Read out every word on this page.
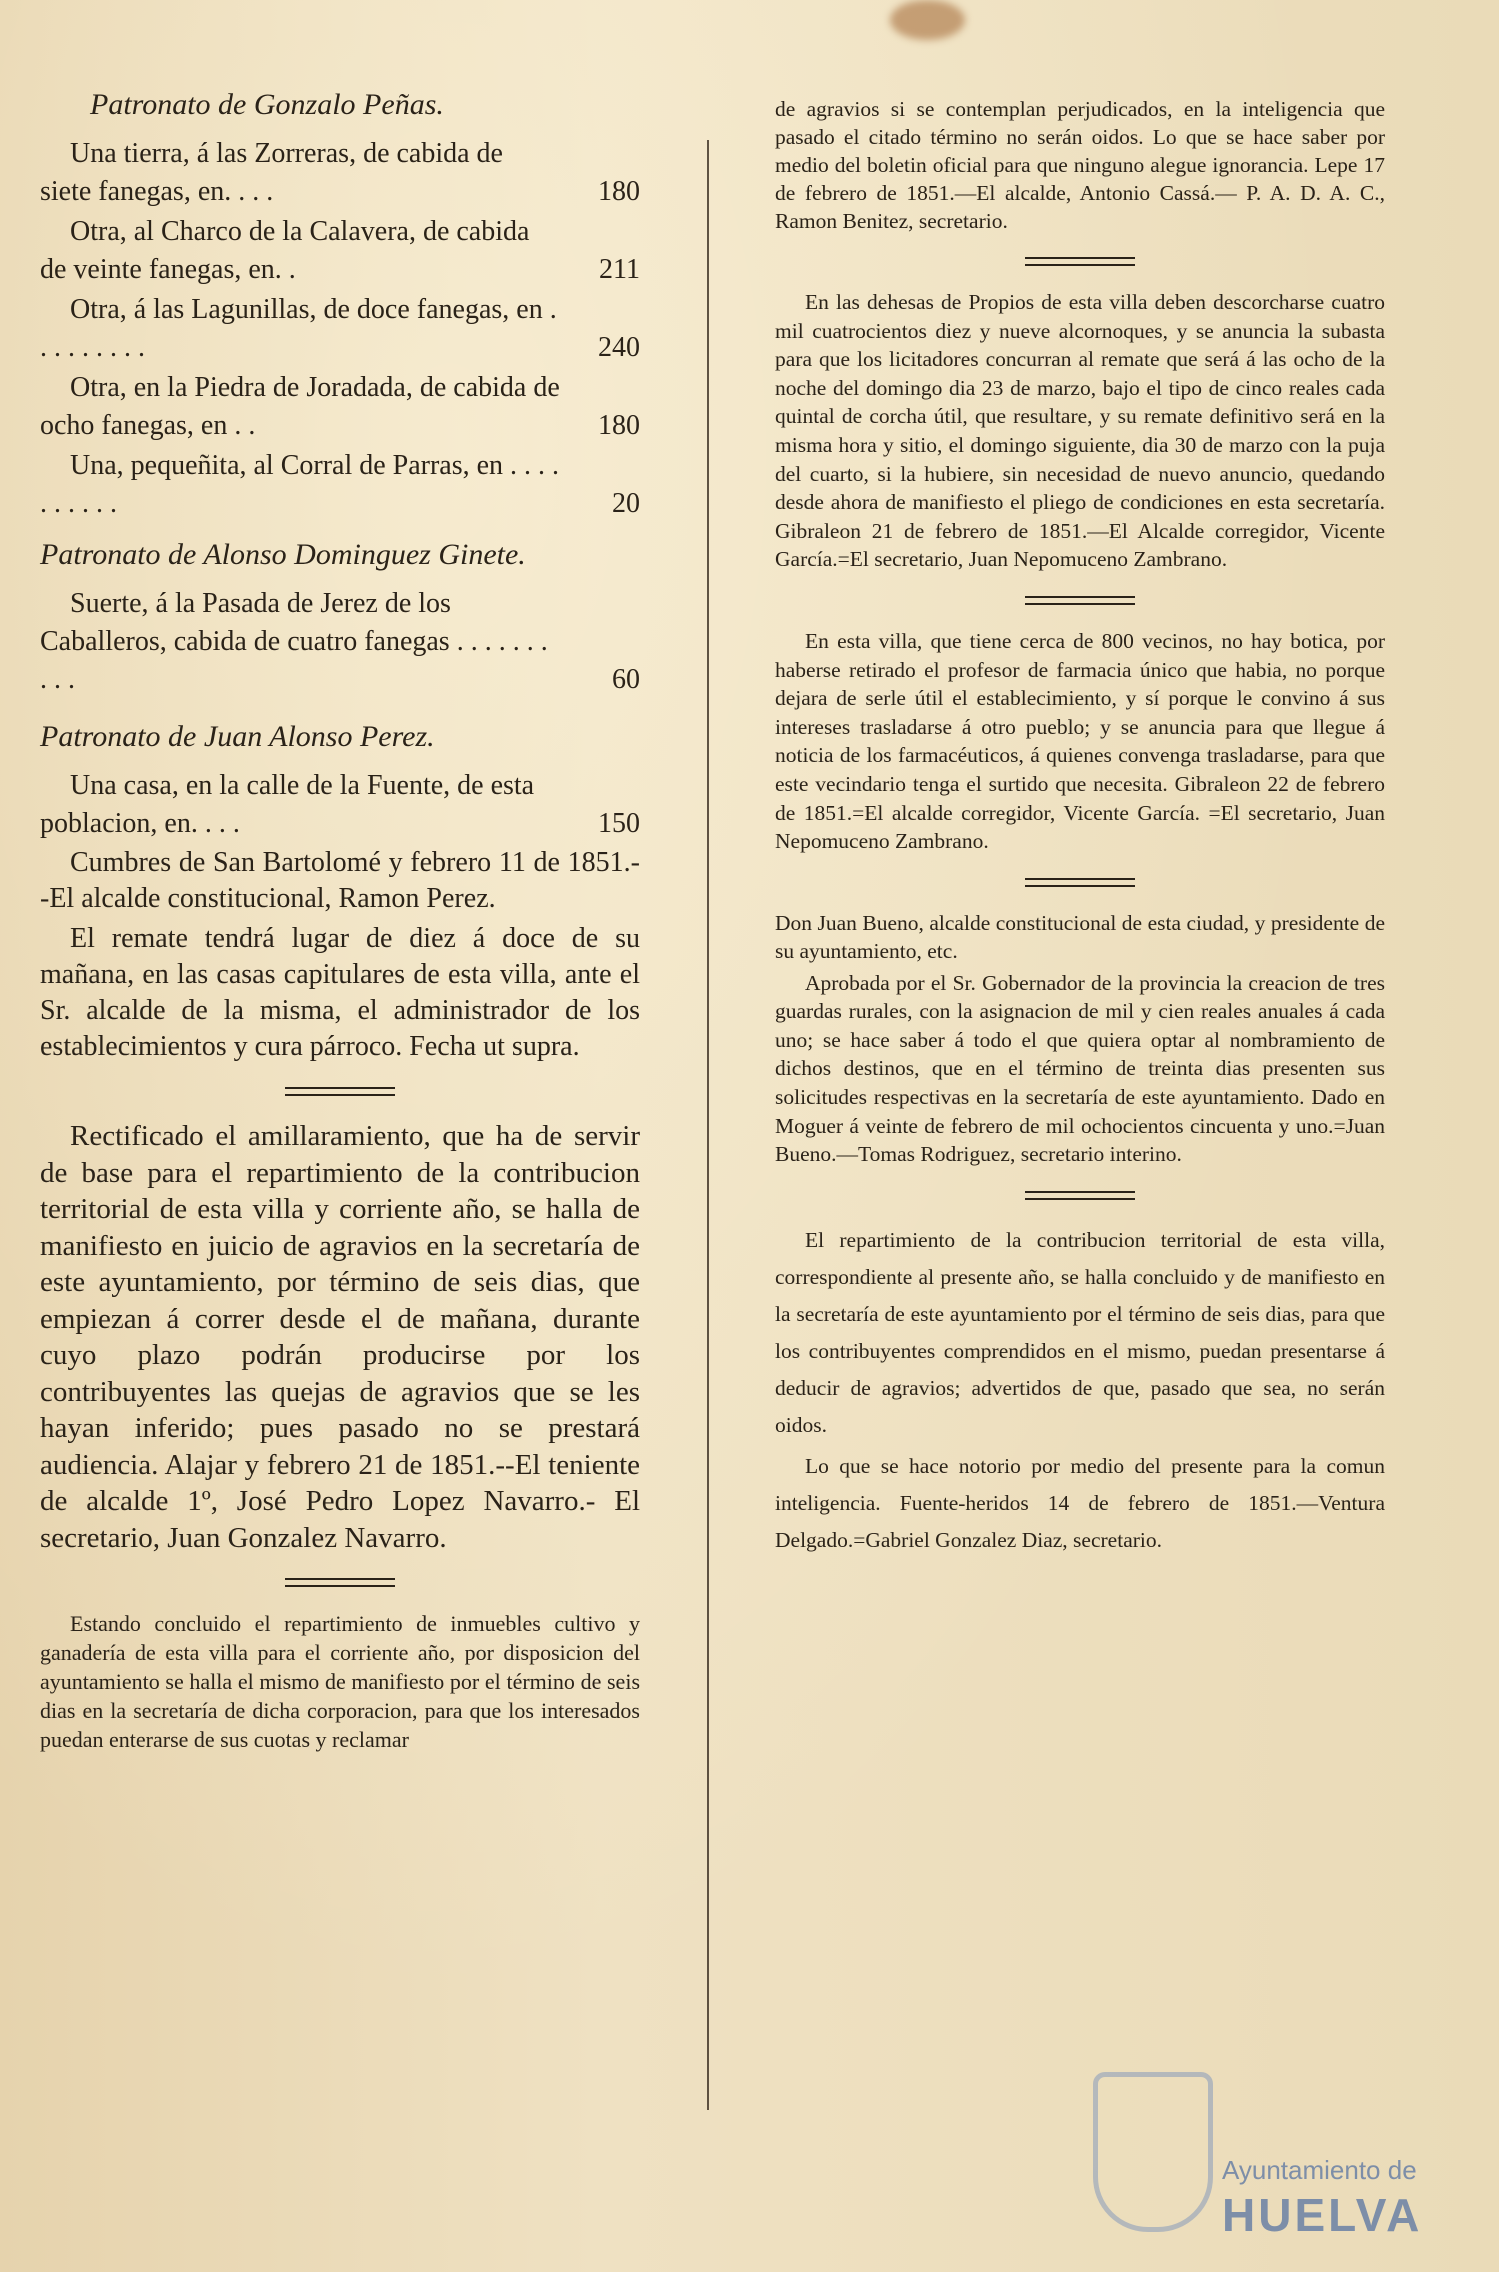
Patronato de Gonzalo Peñas.
Una tierra, á las Zorreras, de cabida de siete fanegas, en. . . .	180
Otra, al Charco de la Calavera, de cabida de veinte fanegas, en. .	211
Otra, á las Lagunillas, de doce fanegas, en . . . . . . . . .	240
Otra, en la Piedra de Joradada, de cabida de ocho fanegas, en . .	180
Una, pequeñita, al Corral de Parras, en . . . . . . . . . .	20
Patronato de Alonso Dominguez Ginete.
Suerte, á la Pasada de Jerez de los Caballeros, cabida de cuatro fanegas . . . . . . . . . .	60
Patronato de Juan Alonso Perez.
Una casa, en la calle de la Fuente, de esta poblacion, en. . . .	150

Cumbres de San Bartolomé y febrero 11 de 1851.--El alcalde constitucional, Ramon Perez.

El remate tendrá lugar de diez á doce de su mañana, en las casas capitulares de esta villa, ante el Sr. alcalde de la misma, el administrador de los establecimientos y cura párroco. Fecha ut supra.

Rectificado el amillaramiento, que ha de servir de base para el repartimiento de la contribucion territorial de esta villa y corriente año, se halla de manifiesto en juicio de agravios en la secretaría de este ayuntamiento, por término de seis dias, que empiezan á correr desde el de mañana, durante cuyo plazo podrán producirse por los contribuyentes las quejas de agravios que se les hayan inferido; pues pasado no se prestará audiencia. Alajar y febrero 21 de 1851.--El teniente de alcalde 1º, José Pedro Lopez Navarro.- El secretario, Juan Gonzalez Navarro.

Estando concluido el repartimiento de inmuebles cultivo y ganadería de esta villa para el corriente año, por disposicion del ayuntamiento se halla el mismo de manifiesto por el término de seis dias en la secretaría de dicha corporacion, para que los interesados puedan enterarse de sus cuotas y reclamar

de agravios si se contemplan perjudicados, en la inteligencia que pasado el citado término no serán oidos. Lo que se hace saber por medio del boletin oficial para que ninguno alegue ignorancia. Lepe 17 de febrero de 1851.—El alcalde, Antonio Cassá.— P. A. D. A. C., Ramon Benitez, secretario.

En las dehesas de Propios de esta villa deben descorcharse cuatro mil cuatrocientos diez y nueve alcornoques, y se anuncia la subasta para que los licitadores concurran al remate que será á las ocho de la noche del domingo dia 23 de marzo, bajo el tipo de cinco reales cada quintal de corcha útil, que resultare, y su remate definitivo será en la misma hora y sitio, el domingo siguiente, dia 30 de marzo con la puja del cuarto, si la hubiere, sin necesidad de nuevo anuncio, quedando desde ahora de manifiesto el pliego de condiciones en esta secretaría. Gibraleon 21 de febrero de 1851.—El Alcalde corregidor, Vicente García.=El secretario, Juan Nepomuceno Zambrano.

En esta villa, que tiene cerca de 800 vecinos, no hay botica, por haberse retirado el profesor de farmacia único que habia, no porque dejara de serle útil el establecimiento, y sí porque le convino á sus intereses trasladarse á otro pueblo; y se anuncia para que llegue á noticia de los farmacéuticos, á quienes convenga trasladarse, para que este vecindario tenga el surtido que necesita. Gibraleon 22 de febrero de 1851.=El alcalde corregidor, Vicente García. =El secretario, Juan Nepomuceno Zambrano.

Don Juan Bueno, alcalde constitucional de esta ciudad, y presidente de su ayuntamiento, etc.

Aprobada por el Sr. Gobernador de la provincia la creacion de tres guardas rurales, con la asignacion de mil y cien reales anuales á cada uno; se hace saber á todo el que quiera optar al nombramiento de dichos destinos, que en el término de treinta dias presenten sus solicitudes respectivas en la secretaría de este ayuntamiento. Dado en Moguer á veinte de febrero de mil ochocientos cincuenta y uno.=Juan Bueno.—Tomas Rodriguez, secretario interino.

El repartimiento de la contribucion territorial de esta villa, correspondiente al presente año, se halla concluido y de manifiesto en la secretaría de este ayuntamiento por el término de seis dias, para que los contribuyentes comprendidos en el mismo, puedan presentarse á deducir de agravios; advertidos de que, pasado que sea, no serán oidos.

Lo que se hace notorio por medio del presente para la comun inteligencia. Fuente-heridos 14 de febrero de 1851.—Ventura Delgado.=Gabriel Gonzalez Diaz, secretario.

Ayuntamiento de
HUELVA
